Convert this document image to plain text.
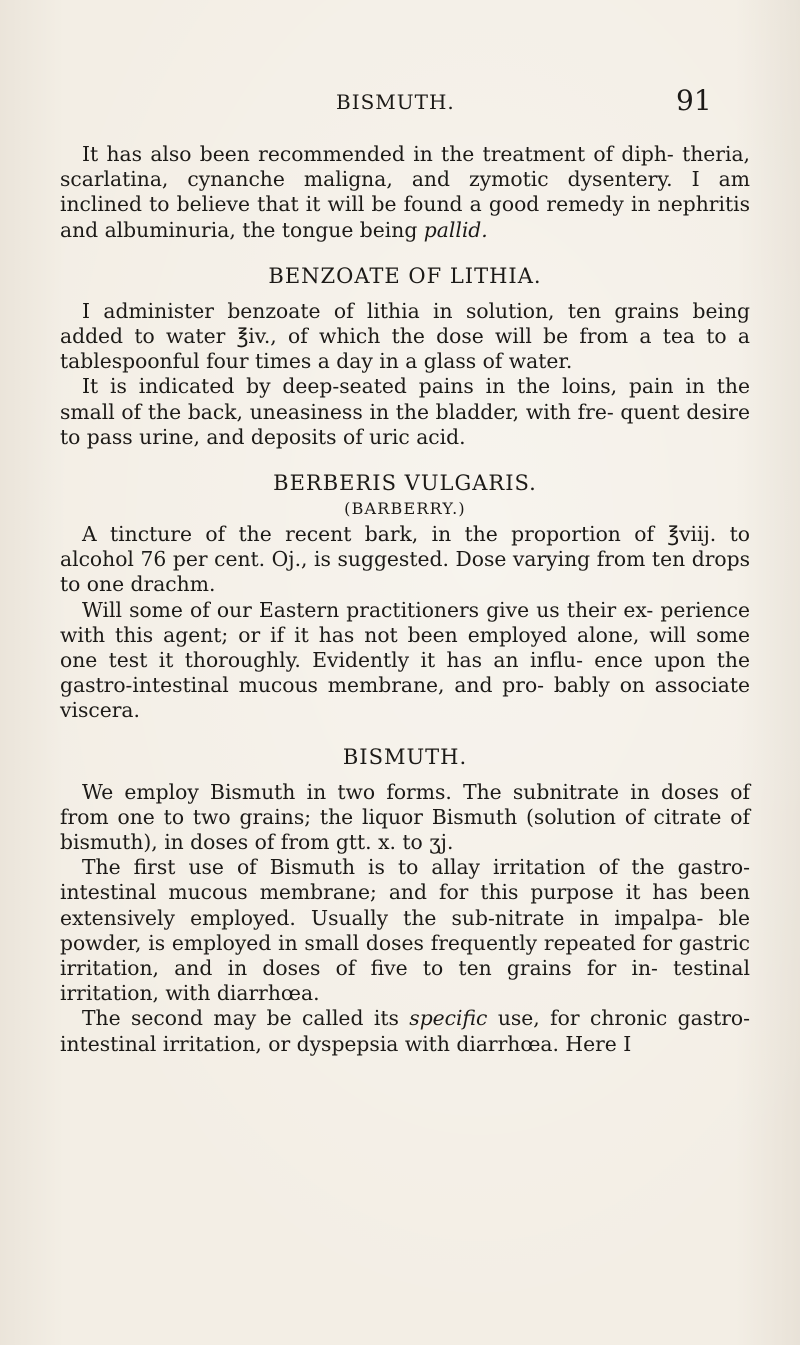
BISMUTH.	91

It has also been recommended in the treatment of diph- theria, scarlatina, cynanche maligna, and zymotic dysentery. I am inclined to believe that it will be found a good remedy in nephritis and albuminuria, the tongue being pallid.

BENZOATE OF LITHIA.

I administer benzoate of lithia in solution, ten grains being added to water ℥iv., of which the dose will be from a tea to a tablespoonful four times a day in a glass of water.

It is indicated by deep-seated pains in the loins, pain in the small of the back, uneasiness in the bladder, with fre- quent desire to pass urine, and deposits of uric acid.

BERBERIS VULGARIS.
(BARBERRY.)

A tincture of the recent bark, in the proportion of ℥viij. to alcohol 76 per cent. Oj., is suggested. Dose varying from ten drops to one drachm.

Will some of our Eastern practitioners give us their ex- perience with this agent; or if it has not been employed alone, will some one test it thoroughly. Evidently it has an influ- ence upon the gastro-intestinal mucous membrane, and pro- bably on associate viscera.

BISMUTH.

We employ Bismuth in two forms. The subnitrate in doses of from one to two grains; the liquor Bismuth (solution of citrate of bismuth), in doses of from gtt. x. to ʒj.

The first use of Bismuth is to allay irritation of the gastro- intestinal mucous membrane; and for this purpose it has been extensively employed. Usually the sub-nitrate in impalpa- ble powder, is employed in small doses frequently repeated for gastric irritation, and in doses of five to ten grains for in- testinal irritation, with diarrhœa.

The second may be called its specific use, for chronic gastro- intestinal irritation, or dyspepsia with diarrhœa. Here I
